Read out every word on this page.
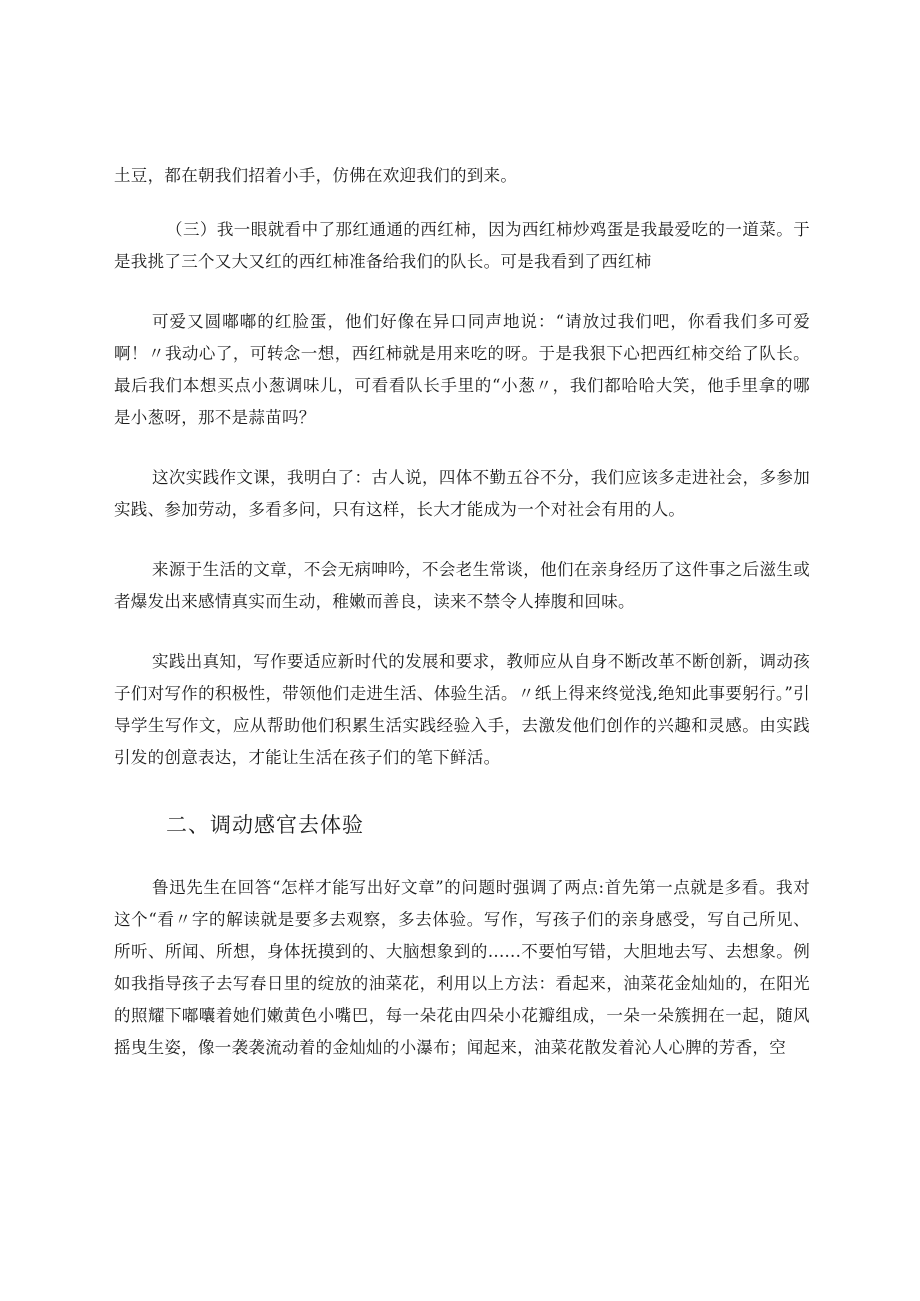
土豆，都在朝我们招着小手，仿佛在欢迎我们的到来。

（三）我一眼就看中了那红通通的西红柿，因为西红柿炒鸡蛋是我最爱吃的一道菜。于是我挑了三个又大又红的西红柿准备给我们的队长。可是我看到了西红柿

可爱又圆嘟嘟的红脸蛋，他们好像在异口同声地说：“请放过我们吧，你看我们多可爱啊！〃我动心了，可转念一想，西红柿就是用来吃的呀。于是我狠下心把西红柿交给了队长。最后我们本想买点小葱调味儿，可看看队长手里的“小葱〃，我们都哈哈大笑，他手里拿的哪是小葱呀，那不是蒜苗吗？

这次实践作文课，我明白了：古人说，四体不勤五谷不分，我们应该多走进社会，多参加实践、参加劳动，多看多问，只有这样，长大才能成为一个对社会有用的人。

来源于生活的文章，不会无病呻吟，不会老生常谈，他们在亲身经历了这件事之后滋生或者爆发出来感情真实而生动，稚嫩而善良，读来不禁令人捧腹和回味。

实践出真知，写作要适应新时代的发展和要求，教师应从自身不断改革不断创新，调动孩子们对写作的积极性，带领他们走进生活、体验生活。〃纸上得来终觉浅,绝知此事要躬行。”引导学生写作文，应从帮助他们积累生活实践经验入手，去激发他们创作的兴趣和灵感。由实践引发的创意表达，才能让生活在孩子们的笔下鲜活。

二、调动感官去体验

鲁迅先生在回答“怎样才能写出好文章”的问题时强调了两点:首先第一点就是多看。我对这个“看〃字的解读就是要多去观察，多去体验。写作，写孩子们的亲身感受，写自己所见、所听、所闻、所想，身体抚摸到的、大脑想象到的......不要怕写错，大胆地去写、去想象。例如我指导孩子去写春日里的绽放的油菜花，利用以上方法：看起来，油菜花金灿灿的，在阳光的照耀下嘟囔着她们嫩黄色小嘴巴，每一朵花由四朵小花瓣组成，一朵一朵簇拥在一起，随风摇曳生姿，像一袭袭流动着的金灿灿的小瀑布；闻起来，油菜花散发着沁人心脾的芳香，空
